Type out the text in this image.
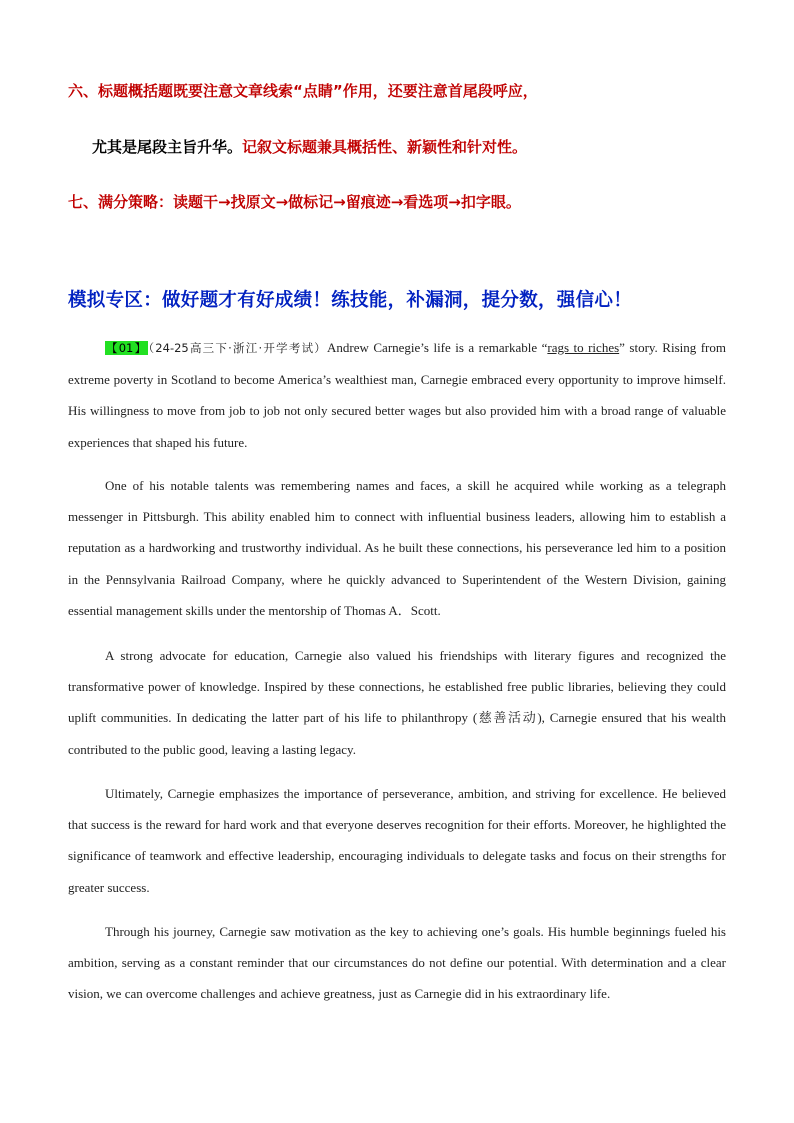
六、标题概括题既要注意文章线索“点睛”作用，还要注意首尾段呼应，
尤其是尾段主旨升华。记叙文标题兼具概括性、新颖性和针对性。
七、满分策略：读题干→找原文→做标记→留痕迹→看选项→扣字眼。
模拟专区：做好题才有好成绩！练技能，补漏洞，提分数，强信心！

【01】（24-25高三下·浙江·开学考试）Andrew Carnegie’s life is a remarkable “rags to riches” story. Rising from extreme poverty in Scotland to become America’s wealthiest man, Carnegie embraced every opportunity to improve himself. His willingness to move from job to job not only secured better wages but also provided him with a broad range of valuable experiences that shaped his future.

One of his notable talents was remembering names and faces, a skill he acquired while working as a telegraph messenger in Pittsburgh. This ability enabled him to connect with influential business leaders, allowing him to establish a reputation as a hardworking and trustworthy individual. As he built these connections, his perseverance led him to a position in the Pennsylvania Railroad Company, where he quickly advanced to Superintendent of the Western Division, gaining essential management skills under the mentorship of Thomas A．Scott.

A strong advocate for education, Carnegie also valued his friendships with literary figures and recognized the transformative power of knowledge. Inspired by these connections, he established free public libraries, believing they could uplift communities. In dedicating the latter part of his life to philanthropy (慈善活动), Carnegie ensured that his wealth contributed to the public good, leaving a lasting legacy.

Ultimately, Carnegie emphasizes the importance of perseverance, ambition, and striving for excellence. He believed that success is the reward for hard work and that everyone deserves recognition for their efforts. Moreover, he highlighted the significance of teamwork and effective leadership, encouraging individuals to delegate tasks and focus on their strengths for greater success.

Through his journey, Carnegie saw motivation as the key to achieving one’s goals. His humble beginnings fueled his ambition, serving as a constant reminder that our circumstances do not define our potential. With determination and a clear vision, we can overcome challenges and achieve greatness, just as Carnegie did in his extraordinary life.
